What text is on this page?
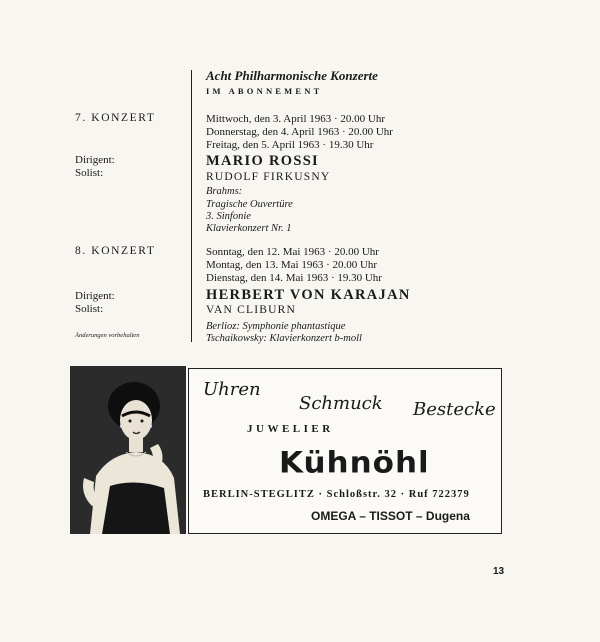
Acht Philharmonische Konzerte
IM ABONNEMENT
7. KONZERT	Mittwoch, den 3. April 1963 · 20.00 Uhr
Donnerstag, den 4. April 1963 · 20.00 Uhr
Freitag, den 5. April 1963 · 19.30 Uhr
Dirigent:
Solist:
MARIO ROSSI
RUDOLF FIRKUSNY
Brahms:
Tragische Ouvertüre
3. Sinfonie
Klavierkonzert Nr. 1
8. KONZERT	Sonntag, den 12. Mai 1963 · 20.00 Uhr
Montag, den 13. Mai 1963 · 20.00 Uhr
Dienstag, den 14. Mai 1963 · 19.30 Uhr
Dirigent:
Solist:
HERBERT VON KARAJAN
VAN CLIBURN
Berlioz: Symphonie phantastique
Tschaikowsky: Klavierkonzert b-moll
Änderungen vorbehalten
Uhren
Schmuck Bestecke
JUWELIER
Kühnöhl
BERLIN-STEGLITZ · Schloßstr. 32 · Ruf 722379
OMEGA – TISSOT – Dugena
13
